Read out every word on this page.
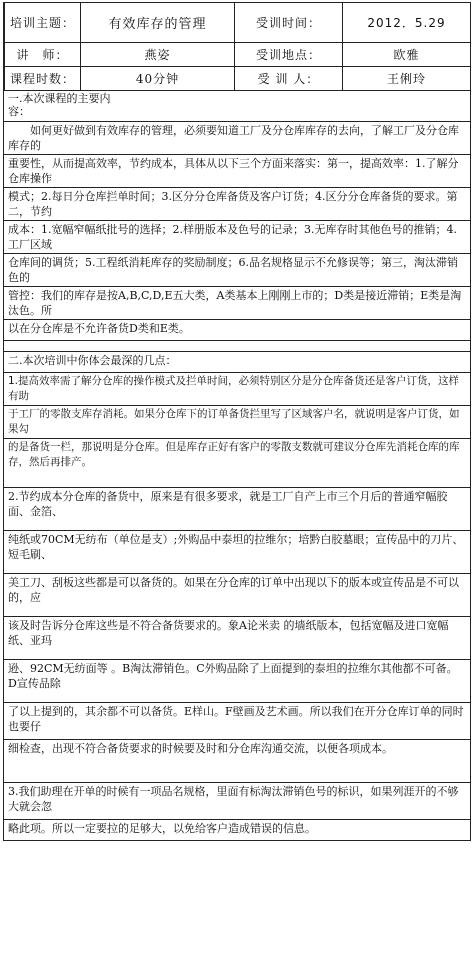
培训主题：	有效库存的管理	受训时间：	2012．5.29
讲　师：	燕姿	受训地点：	欧雅
课程时数：	40分钟	受 训 人：	王俐玲
一.本次课程的主要内容：
如何更好做到有效库存的管理，必须要知道工厂及分仓库库存的去向，了解工厂及分仓库库存的
重要性，从而提高效率，节约成本，具体从以下三个方面来落实：第一，提高效率：1.了解分仓库操作
模式；2.每日分仓库拦单时间；3.区分分仓库备货及客户订货；4.区分分仓库备货的要求。第二，节约
成本：1.宽幅窄幅纸批号的选择；2.样册版本及色号的记录；3.无库存时其他色号的推销；4.工厂区域
仓库间的调货；5.工程纸消耗库存的奖励制度；6.品名规格显示不允修误等；第三，淘汰滞销色的
管控：我们的库存是按A,B,C,D,E五大类，A类基本上刚刚上市的；D类是接近滞销；E类是淘汰色。所
以在分仓库是不允许备货D类和E类。
二.本次培训中你体会最深的几点：
1.提高效率需了解分仓库的操作模式及拦单时间，必须特别区分是分仓库备货还是客户订货，这样有助
于工厂的零散支库存消耗。如果分仓库下的订单备货拦里写了区域客户名，就说明是客户订货，如果勾
的是备货一栏，那说明是分仓库。但是库存正好有客户的零散支数就可建议分仓库先消耗仓库的库存，然后再排产。
2.节约成本分仓库的备货中，原来是有很多要求，就是工厂自产上市三个月后的普通窄幅胶面、金箔、
纯纸或70CM无纺布（单位是支）;外购品中泰坦的拉维尔；培黔白胶墓眼；宣传品中的刀片、短毛刷、
美工刀、刮板这些都是可以备货的。如果在分仓库的订单中出现以下的版本或宣传品是不可以的，应
该及时告诉分仓库这些是不符合备货要求的。象A论米卖 的墙纸版本，包括宽幅及进口宽幅纸、亚玛
逊、92CM无纺面等 。B淘汰滞销色。C外购品除了上面提到的泰坦的拉维尔其他都不可备。D宣传品除
了以上提到的，其余都不可以备货。E样山。F壁画及艺术画。所以我们在开分仓库订单的同时也要仔
细检查，出现不符合备货要求的时候要及时和分仓库沟通交流，以便各项成本。
3.我们助理在开单的时候有一项品名规格，里面有标淘汰滞销色号的标识，如果列涯开的不够大就会忽
略此项。所以一定要拉的足够大，以免给客户造成错误的信息。
